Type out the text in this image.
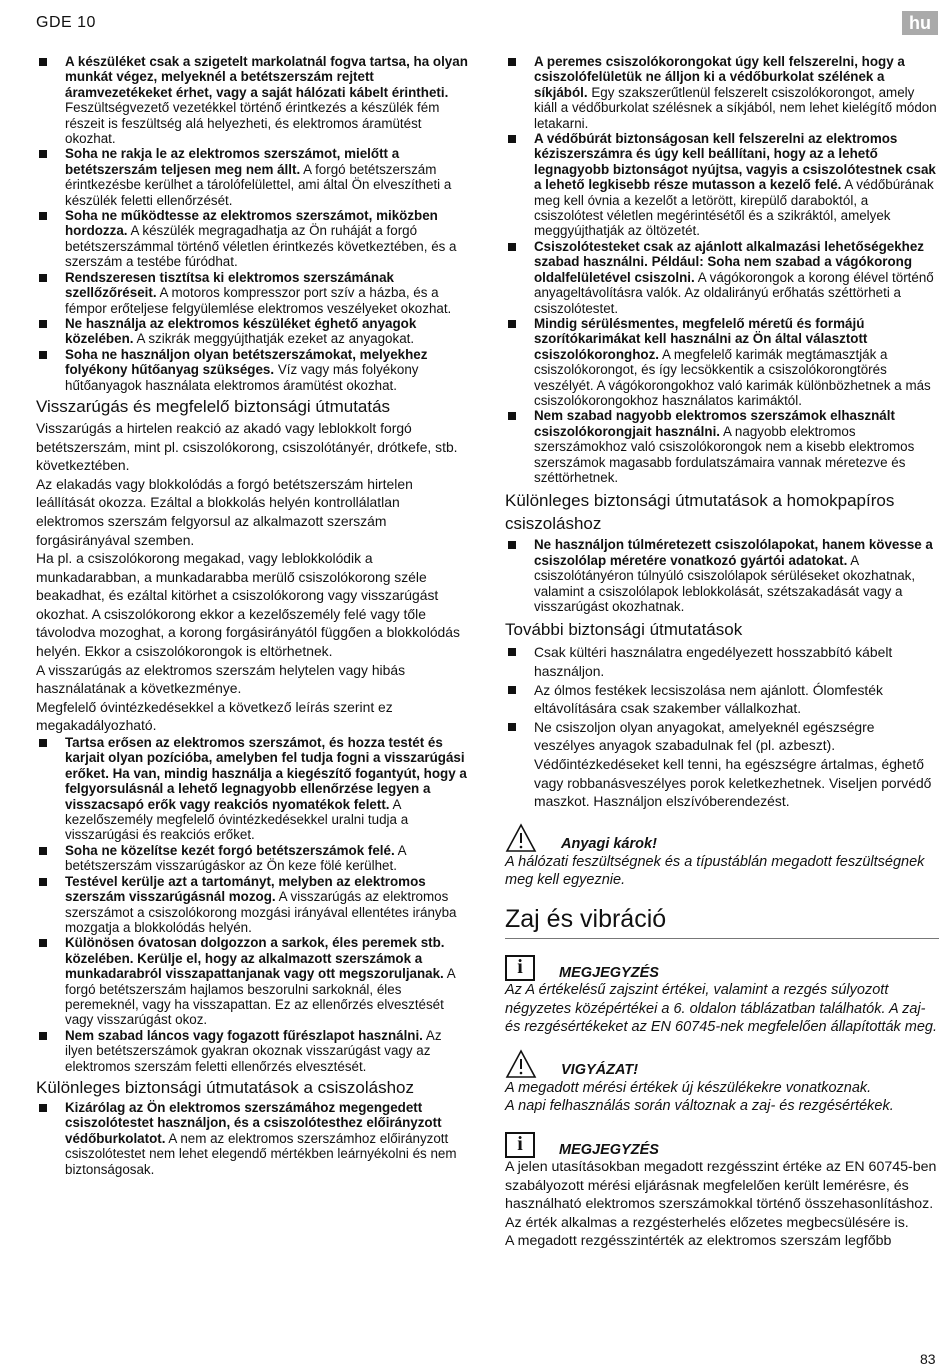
GDE 10	hu

A készüléket csak a szigetelt markolatnál fogva tartsa, ha olyan munkát végez, melyeknél a betétszerszám rejtett áramvezetékeket érhet, vagy a saját hálózati kábelt érintheti. Feszültségvezető vezetékkel történő érintkezés a készülék fém részeit is feszültség alá helyezheti, és elektromos áramütést okozhat.

Soha ne rakja le az elektromos szerszámot, mielőtt a betétszerszám teljesen meg nem állt. A forgó betétszerszám érintkezésbe kerülhet a tárolófelülettel, ami által Ön elveszítheti a készülék feletti ellenőrzését.

Soha ne működtesse az elektromos szerszámot, miközben hordozza. A készülék megragadhatja az Ön ruháját a forgó betétszerszámmal történő véletlen érintkezés következtében, és a szerszám a testébe fúródhat.

Rendszeresen tisztítsa ki elektromos szerszámának szellőzőréseit. A motoros kompresszor port szív a házba, és a fémpor erőteljese felgyülemlése elektromos veszélyeket okozhat.

Ne használja az elektromos készüléket éghető anyagok közelében. A szikrák meggyújthatják ezeket az anyagokat.

Soha ne használjon olyan betétszerszámokat, melyekhez folyékony hűtőanyag szükséges. Víz vagy más folyékony hűtőanyagok használata elektromos áramütést okozhat.

Visszarúgás és megfelelő biztonsági útmutatás

Visszarúgás a hirtelen reakció az akadó vagy leblokkolt forgó betétszerszám, mint pl. csiszolókorong, csiszolótányér, drótkefe, stb. következtében.

Az elakadás vagy blokkolódás a forgó betétszerszám hirtelen leállítását okozza. Ezáltal a blokkolás helyén kontrollálatlan elektromos szerszám felgyorsul az alkalmazott szerszám forgásirányával szemben.

Ha pl. a csiszolókorong megakad, vagy leblokkolódik a munkadarabban, a munkadarabba merülő csiszolókorong széle beakadhat, és ezáltal kitörhet a csiszolókorong vagy visszarúgást okozhat. A csiszolókorong ekkor a kezelőszemély felé vagy tőle távolodva mozoghat, a korong forgásirányától függően a blokkolódás helyén. Ekkor a csiszolókorongok is eltörhetnek.

A visszarúgás az elektromos szerszám helytelen vagy hibás használatának a következménye.

Megfelelő óvintézkedésekkel a következő leírás szerint ez megakadályozható.

Tartsa erősen az elektromos szerszámot, és hozza testét és karjait olyan pozícióba, amelyben fel tudja fogni a visszarúgási erőket. Ha van, mindig használja a kiegészítő fogantyút, hogy a felgyorsulásnál a lehető legnagyobb ellenőrzése legyen a visszacsapó erők vagy reakciós nyomatékok felett. A kezelőszemély megfelelő óvintézkedésekkel uralni tudja a visszarúgási és reakciós erőket.

Soha ne közelítse kezét forgó betétszerszámok felé. A betétszerszám visszarúgáskor az Ön keze fölé kerülhet.

Testével kerülje azt a tartományt, melyben az elektromos szerszám visszarúgásnál mozog. A visszarúgás az elektromos szerszámot a csiszolókorong mozgási irányával ellentétes irányba mozgatja a blokkolódás helyén.

Különösen óvatosan dolgozzon a sarkok, éles peremek stb. közelében. Kerülje el, hogy az alkalmazott szerszámok a munkadarabról visszapattanjanak vagy ott megszoruljanak. A forgó betétszerszám hajlamos beszorulni sarkoknál, éles peremeknél, vagy ha visszapattan. Ez az ellenőrzés elvesztését vagy visszarúgást okoz.

Nem szabad láncos vagy fogazott fűrészlapot használni. Az ilyen betétszerszámok gyakran okoznak visszarúgást vagy az elektromos szerszám feletti ellenőrzés elvesztését.

Különleges biztonsági útmutatások a csiszoláshoz

Kizárólag az Ön elektromos szerszámához megengedett csiszolótestet használjon, és a csiszolótesthez előirányzott védőburkolatot. A nem az elektromos szerszámhoz előirányzott csiszolótestet nem lehet elegendő mértékben leárnyékolni és nem biztonságosak.

A peremes csiszolókorongokat úgy kell felszerelni, hogy a csiszolófelületük ne álljon ki a védőburkolat szélének a síkjából. Egy szakszerűtlenül felszerelt csiszolókorongot, amely kiáll a védőburkolat szélésnek a síkjából, nem lehet kielégítő módon letakarni.

A védőbúrát biztonságosan kell felszerelni az elektromos kéziszerszámra és úgy kell beállítani, hogy az a lehető legnagyobb biztonságot nyújtsa, vagyis a csiszolótestnek csak a lehető legkisebb része mutasson a kezelő felé. A védőbúrának meg kell óvnia a kezelőt a letörött, kirepülő daraboktól, a csiszolótest véletlen megérintésétől és a szikráktól, amelyek meggyújthatják az öltözetét.

Csiszolótesteket csak az ajánlott alkalmazási lehetőségekhez szabad használni. Például: Soha nem szabad a vágókorong oldalfelületével csiszolni. A vágókorongok a korong élével történő anyageltávolításra valók. Az oldalirányú erőhatás széttörheti a csiszolótestet.

Mindig sérülésmentes, megfelelő méretű és formájú szorítókarimákat kell használni az Ön által választott csiszolókoronghoz. A megfelelő karimák megtámasztják a csiszolókorongot, és így lecsökkentik a csiszolókorongtörés veszélyét. A vágókorongokhoz való karimák különbözhetnek a más csiszolókorongokhoz használatos karimáktól.

Nem szabad nagyobb elektromos szerszámok elhasznált csiszolókorongjait használni. A nagyobb elektromos szerszámokhoz való csiszolókorongok nem a kisebb elektromos szerszámok magasabb fordulatszámaira vannak méretezve és széttörhetnek.

Különleges biztonsági útmutatások a homokpapíros csiszoláshoz

Ne használjon túlméretezett csiszolólapokat, hanem kövesse a csiszolólap méretére vonatkozó gyártói adatokat. A csiszolótányéron túlnyúló csiszolólapok sérüléseket okozhatnak, valamint a csiszolólapok leblokkolását, szétszakadását vagy a visszarúgást okozhatnak.

További biztonsági útmutatások

Csak kültéri használatra engedélyezett hosszabbító kábelt használjon.

Az ólmos festékek lecsiszolása nem ajánlott. Ólomfesték eltávolítására csak szakember vállalkozhat.

Ne csiszoljon olyan anyagokat, amelyeknél egészségre veszélyes anyagok szabadulnak fel (pl. azbeszt). Védőintézkedéseket kell tenni, ha egészségre ártalmas, éghető vagy robbanásveszélyes porok keletkezhetnek. Viseljen porvédő maszkot. Használjon elszívóberendezést.

Anyagi károk!
A hálózati feszültségnek és a típustáblán megadott feszültségnek meg kell egyeznie.
Zaj és vibráció
i	MEGJEGYZÉS
Az A értékelésű zajszint értékei, valamint a rezgés súlyozott négyzetes középértékei a 6. oldalon táblázatban találhatók. A zaj- és rezgésértékeket az EN 60745-nek megfelelően állapították meg.
VIGYÁZAT!
A megadott mérési értékek új készülékekre vonatkoznak.
A napi felhasználás során változnak a zaj- és rezgésértékek.
i	MEGJEGYZÉS
A jelen utasításokban megadott rezgésszint értéke az EN 60745-ben szabályozott mérési eljárásnak megfelelően került lemérésre, és használható elektromos szerszámokkal történő összehasonlításhoz. Az érték alkalmas a rezgésterhelés előzetes megbecsülésére is.
A megadott rezgésszintérték az elektromos szerszám legfőbb
83
